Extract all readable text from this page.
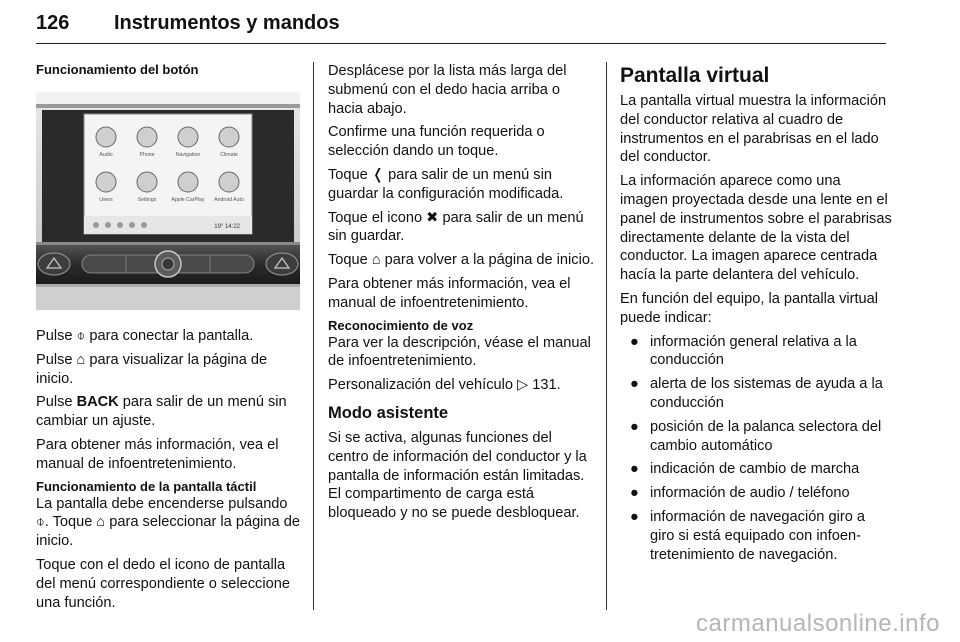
126 Instrumentos y mandos
Funcionamiento del botón
Audio	Phone	Navigation	Climate
Users	Settings	Apple CarPlay Android Auto
19° 14:22

Pulse ⌽ para conectar la pantalla.

Pulse ⌂ para visualizar la página de inicio.

Pulse BACK para salir de un menú sin cambiar un ajuste.

Para obtener más información, vea el manual de infoentretenimiento.

Funcionamiento de la pantalla táctil

La pantalla debe encenderse pulsando ⌽. Toque ⌂ para seleccionar la página de inicio.

Toque con el dedo el icono de pantalla del menú correspondiente o seleccione una función.

Desplácese por la lista más larga del submenú con el dedo hacia arriba o hacia abajo.

Confirme una función requerida o selección dando un toque.

Toque ❬ para salir de un menú sin guardar la configuración modificada.

Toque el icono ✖ para salir de un menú sin guardar.

Toque ⌂ para volver a la página de inicio.

Para obtener más información, vea el manual de infoentretenimiento.

Reconocimiento de voz

Para ver la descripción, véase el manual de infoentretenimiento.

Personalización del vehículo ▷ 131.

Modo asistente

Si se activa, algunas funciones del centro de información del conductor y la pantalla de información están limitadas. El compartimento de carga está bloqueado y no se puede desbloquear.

Pantalla virtual

La pantalla virtual muestra la información del conductor relativa al cuadro de instrumentos en el parabrisas en el lado del conductor.

La información aparece como una imagen proyectada desde una lente en el panel de instrumentos sobre el parabrisas directamente delante de la vista del conductor. La imagen aparece centrada hacía la parte delantera del vehículo.

En función del equipo, la pantalla virtual puede indicar:

● información general relativa a la conducción
● alerta de los sistemas de ayuda a la conducción
● posición de la palanca selectora del cambio automático
● indicación de cambio de marcha
● información de audio / teléfono
● información de navegación giro a giro si está equipado con infoentretenimiento de navegación.
carmanualsonline.info
